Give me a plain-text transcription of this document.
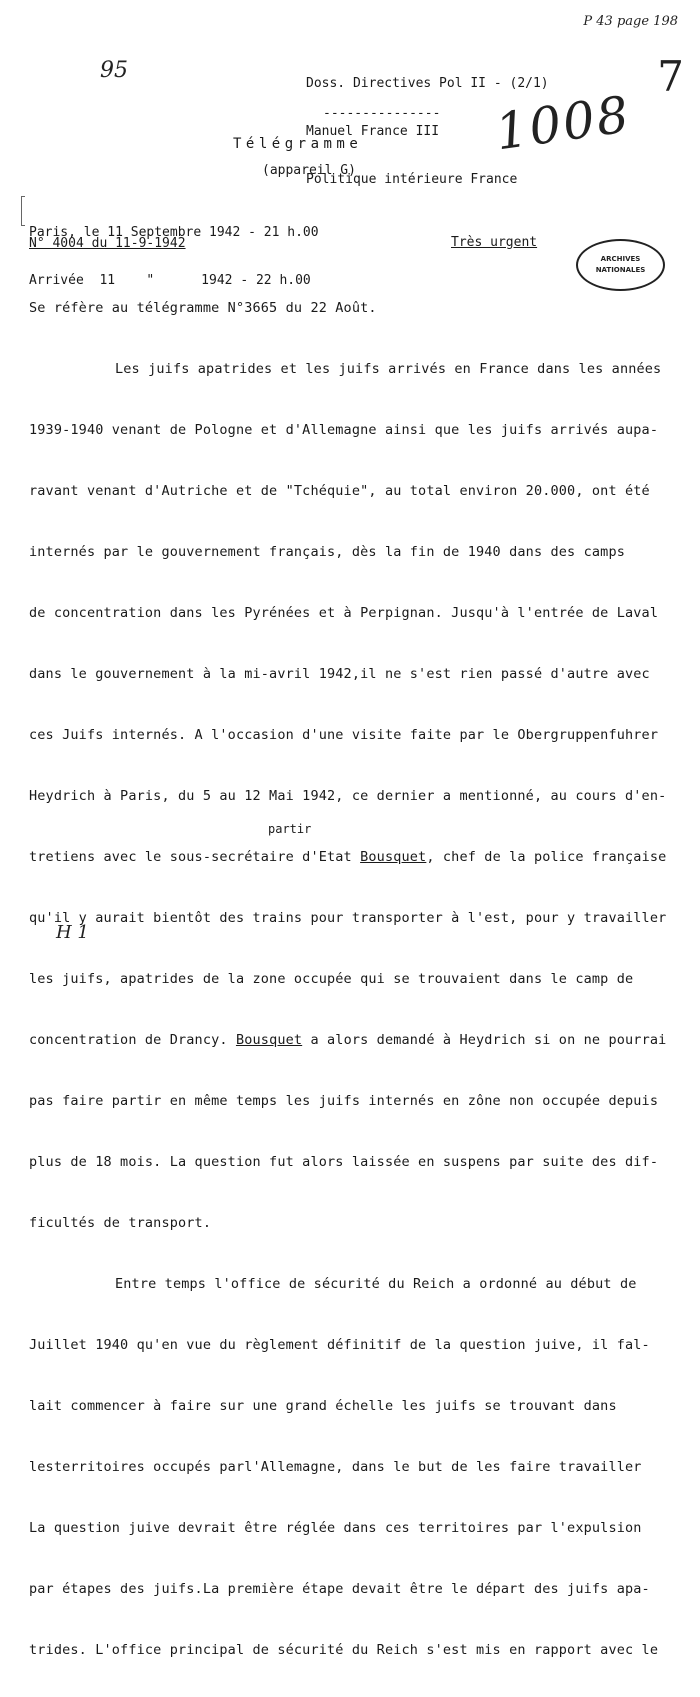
P 43 page 198
95	7
1008

Doss. Directives Pol II - (2/1)

Manuel France III

Politique intérieure France

---------------
Télégramme
(appareil G)

Paris, le 11 Septembre 1942 - 21 h.00

Arrivée  11    "      1942 - 22 h.00

N° 4004 du 11-9-1942	Très urgent
ARCHIVES
NATIONALES

Se réfère au télégramme N°3665 du 22 Août.

Les juifs apatrides et les juifs arrivés en France dans les années

1939-1940 venant de Pologne et d'Allemagne ainsi que les juifs arrivés aupa-

ravant venant d'Autriche et de "Tchéquie", au total environ 20.000, ont été

internés par le gouvernement français, dès la fin de 1940 dans des camps

de concentration dans les Pyrénées et à Perpignan. Jusqu'à l'entrée de Laval

dans le gouvernement à la mi-avril 1942,il ne s'est rien passé d'autre avec

ces Juifs internés. A l'occasion d'une visite faite par le Obergruppenfuhrer

Heydrich à Paris, du 5 au 12 Mai 1942, ce dernier a mentionné, au cours d'en-

tretiens avec le sous-secrétaire d'Etat Bousquet, chef de la police française

qu'il y aurait bientôt des trains pour transporter à l'est, pour y travailler

les juifs, apatrides de la zone occupée qui se trouvaient dans le camp de

concentration de Drancy. Bousquet a alors demandé à Heydrich si on ne pourrai

pas faire partir en même temps les juifs internés en zône non occupée depuis

plus de 18 mois. La question fut alors laissée en suspens par suite des dif-

ficultés de transport.

Entre temps l'office de sécurité du Reich a ordonné au début de

Juillet 1940 qu'en vue du règlement définitif de la question juive, il fal-

lait commencer à faire sur une grand échelle les juifs se trouvant dans

lesterritoires occupés parl'Allemagne, dans le but de les faire travailler

La question juive devrait être réglée dans ces territoires par l'expulsion

par étapes des juifs.La première étape devait être le départ des juifs apa-

trides. L'office principal de sécurité du Reich s'est mis en rapport avec le

partir
H 1
